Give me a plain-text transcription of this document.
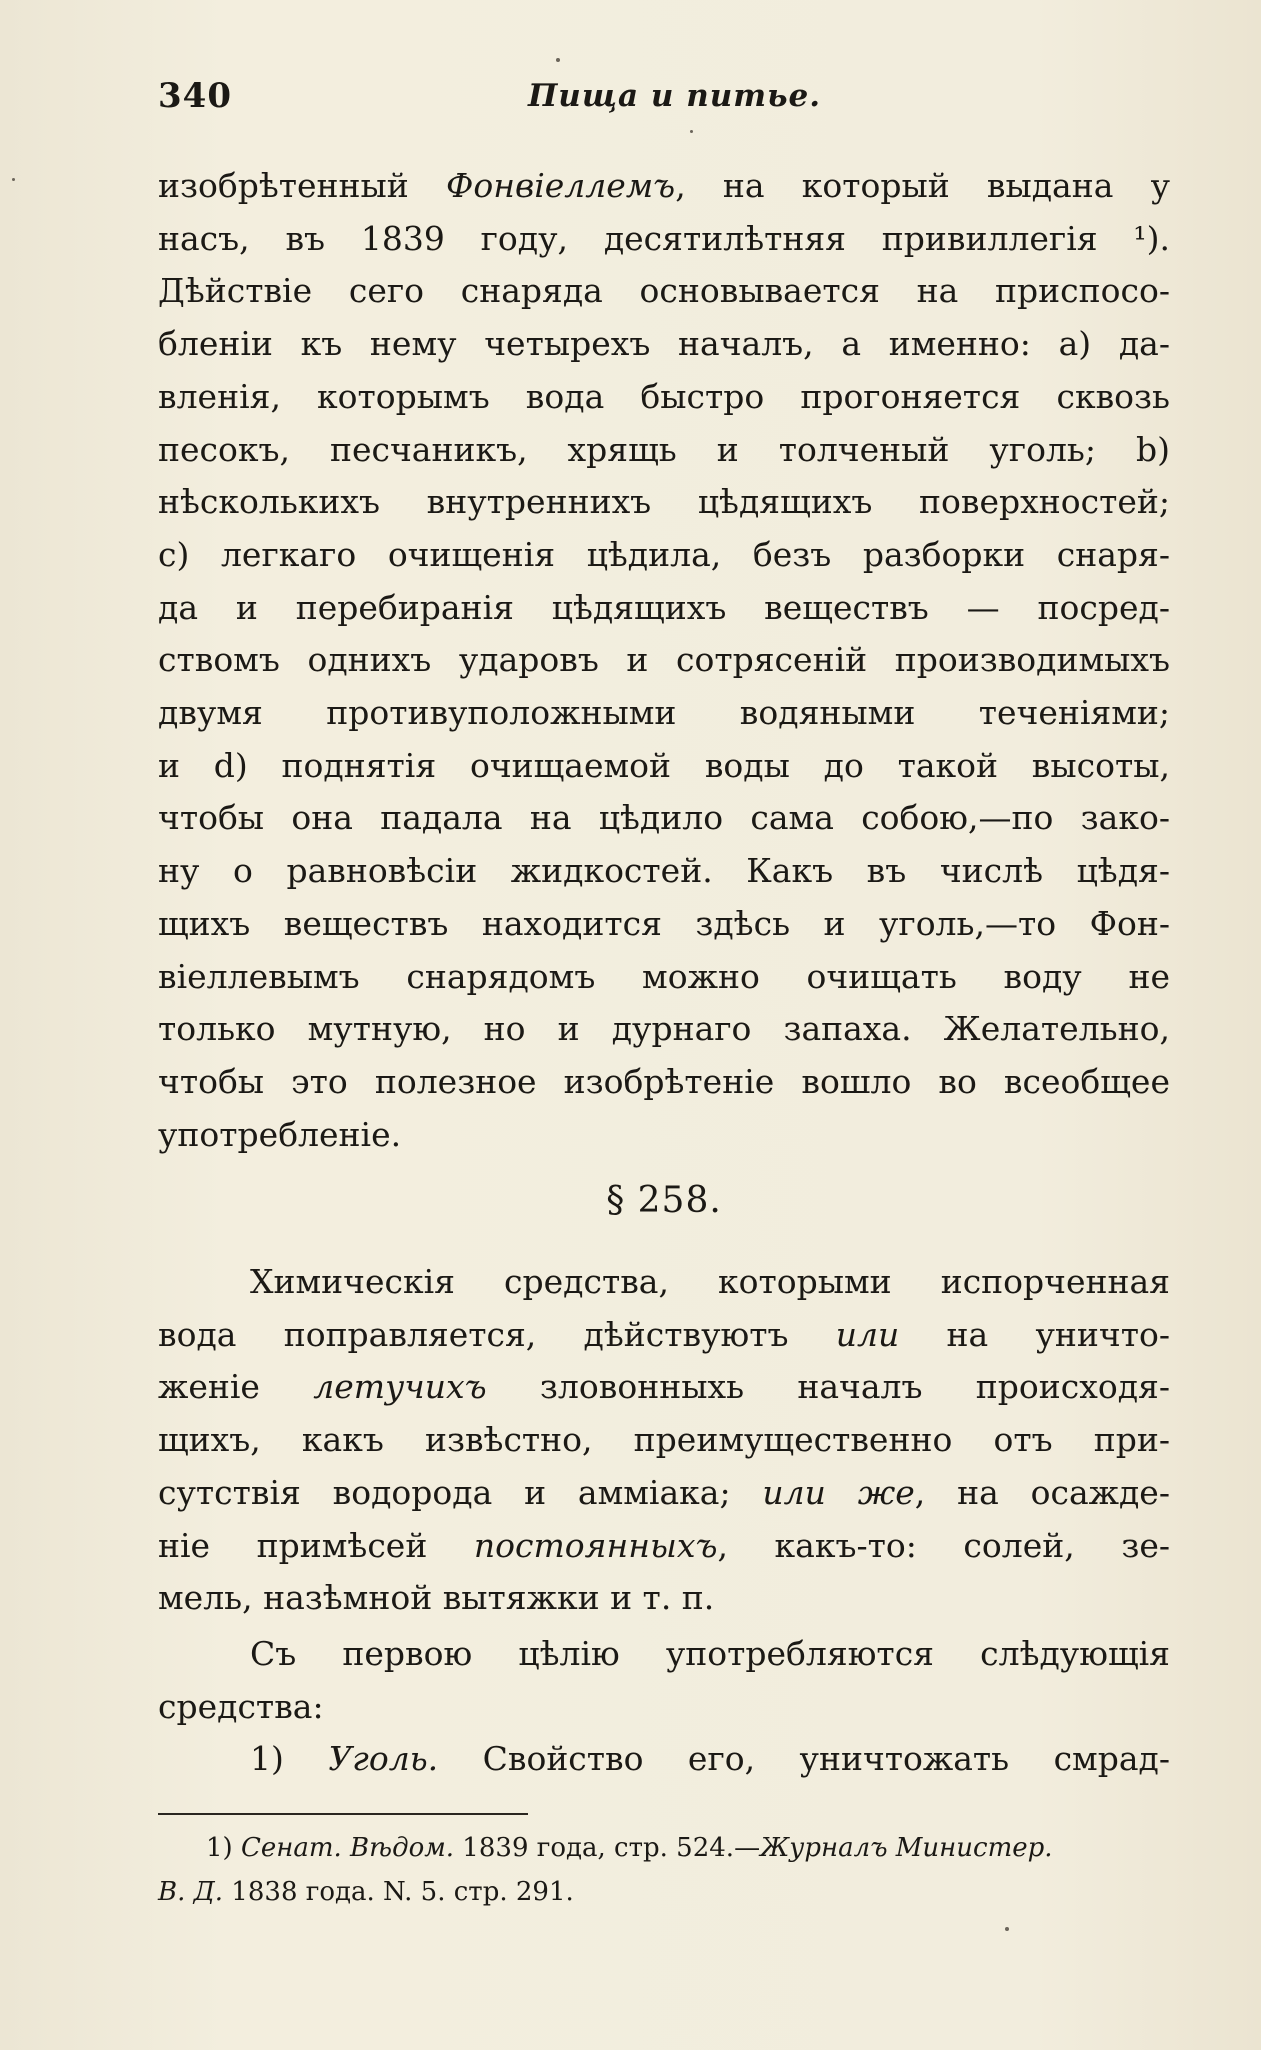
340	Пища и питье.
изобрѣтенный Фонвіеллемъ, на который выдана у
насъ, въ 1839 году, десятилѣтняя привиллегія ¹).
Дѣйствіе сего снаряда основывается на приспосо-
бленіи къ нему четырехъ началъ, а именно: а) да-
вленія, которымъ вода быстро прогоняется сквозь
песокъ, песчаникъ, хрящь и толченый уголь; b)
нѣсколькихъ внутреннихъ цѣдящихъ поверхностей;
c) легкаго очищенія цѣдила, безъ разборки снаря-
да и перебиранія цѣдящихъ веществъ — посред-
ствомъ однихъ ударовъ и сотрясеній производимыхъ
двумя противуположными водяными теченіями;
и d) поднятія очищаемой воды до такой высоты,
чтобы она падала на цѣдило сама собою,—по зако-
ну о равновѣсіи жидкостей. Какъ въ числѣ цѣдя-
щихъ веществъ находится здѣсь и уголь,—то Фон-
віеллевымъ снарядомъ можно очищать воду не
только мутную, но и дурнаго запаха. Желательно,
чтобы это полезное изобрѣтеніе вошло во всеобщее
употребленіе.
§ 258.
Химическія средства, которыми испорченная
вода поправляется, дѣйствуютъ или на уничто-
женіе летучихъ зловонныхь началъ происходя-
щихъ, какъ извѣстно, преимущественно отъ при-
сутствія водорода и аммiака; или же, на осажде-
ніе примѣсей постоянныхъ, какъ-то: солей, зе-
мель, назѣмной вытяжки и т. п.
Съ первою цѣлію употребляются слѣдующія
средства:
1) Уголь. Свойство его, уничтожать смрад-
1) Сенат. Вѣдом. 1839 года, стр. 524.—Журналъ Министер.
В. Д. 1838 года. N. 5. стр. 291.
